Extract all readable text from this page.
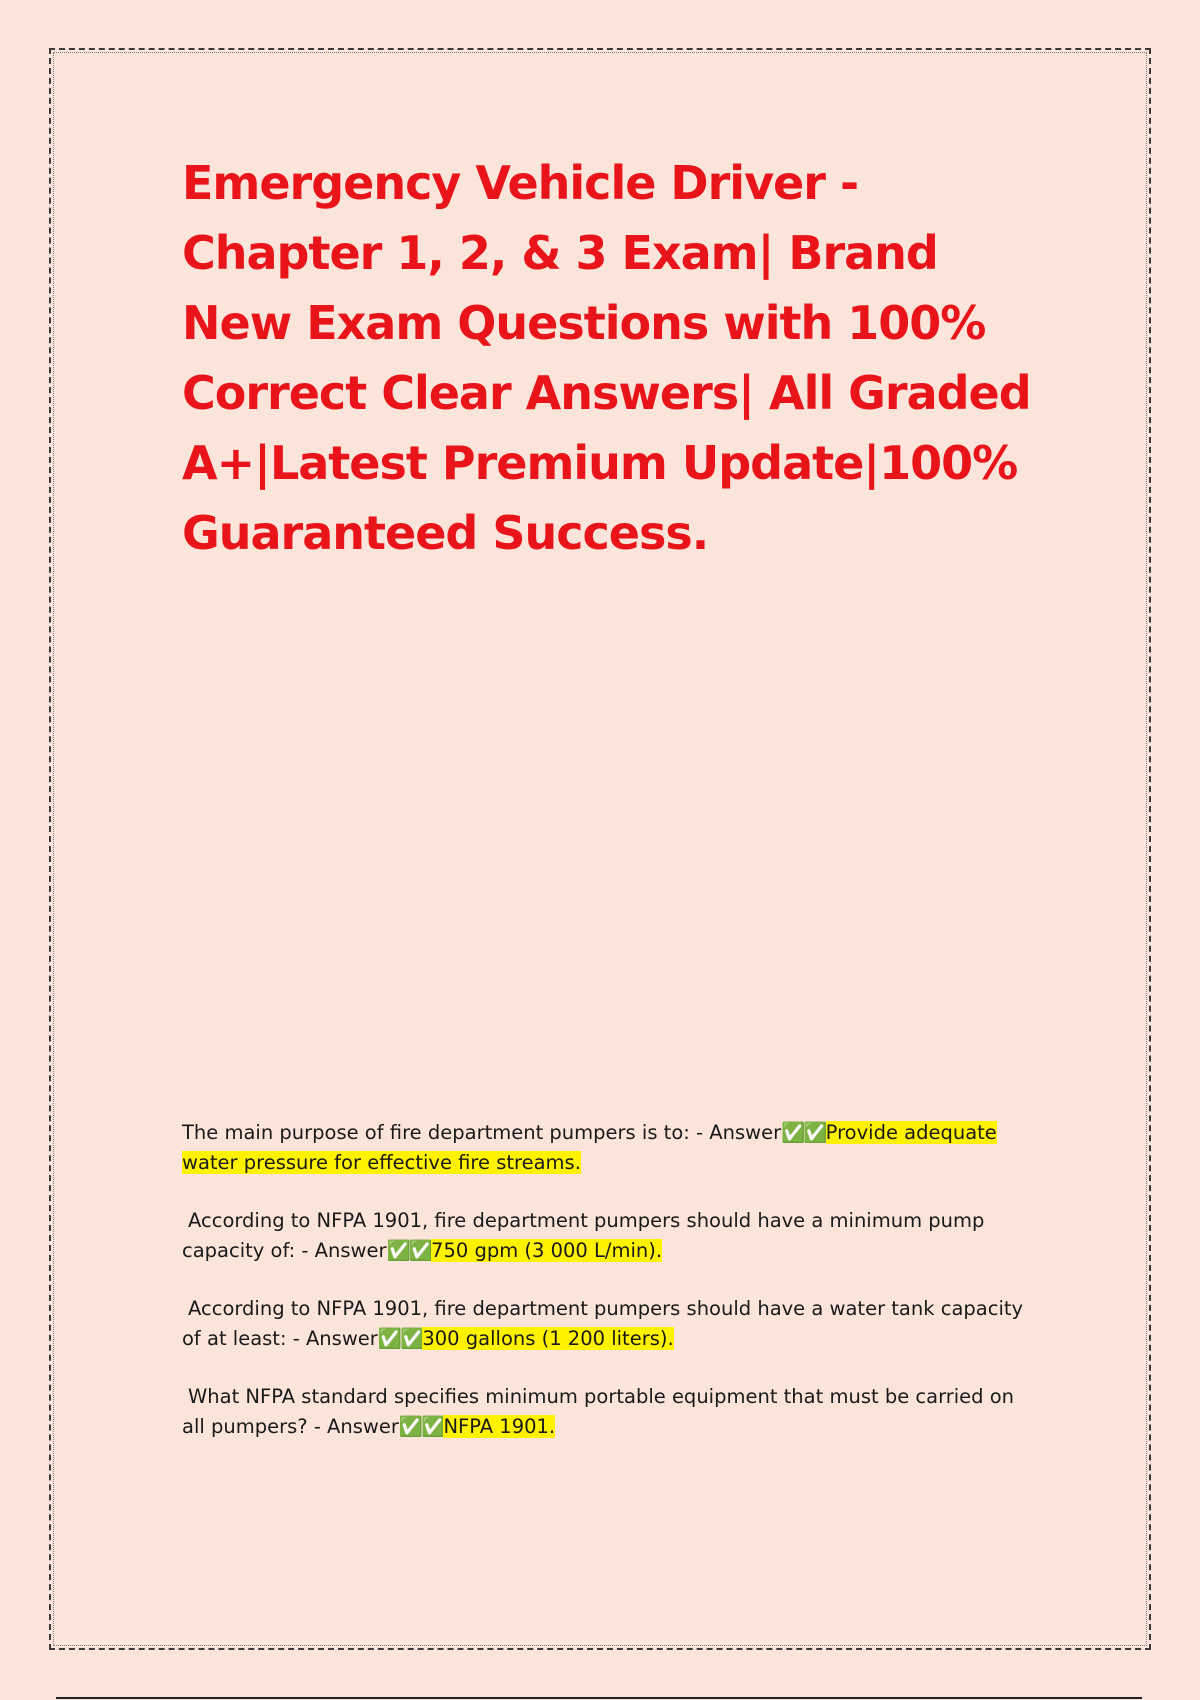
Emergency Vehicle Driver - Chapter 1, 2, & 3 Exam| Brand New Exam Questions with 100% Correct Clear Answers| All Graded A+|Latest Premium Update|100% Guaranteed Success.

The main purpose of fire department pumpers is to: - Answer✅✅Provide adequate water pressure for effective fire streams.

According to NFPA 1901, fire department pumpers should have a minimum pump capacity of: - Answer✅✅750 gpm (3 000 L/min).

According to NFPA 1901, fire department pumpers should have a water tank capacity of at least: - Answer✅✅300 gallons (1 200 liters).

What NFPA standard specifies minimum portable equipment that must be carried on all pumpers? - Answer✅✅NFPA 1901.
